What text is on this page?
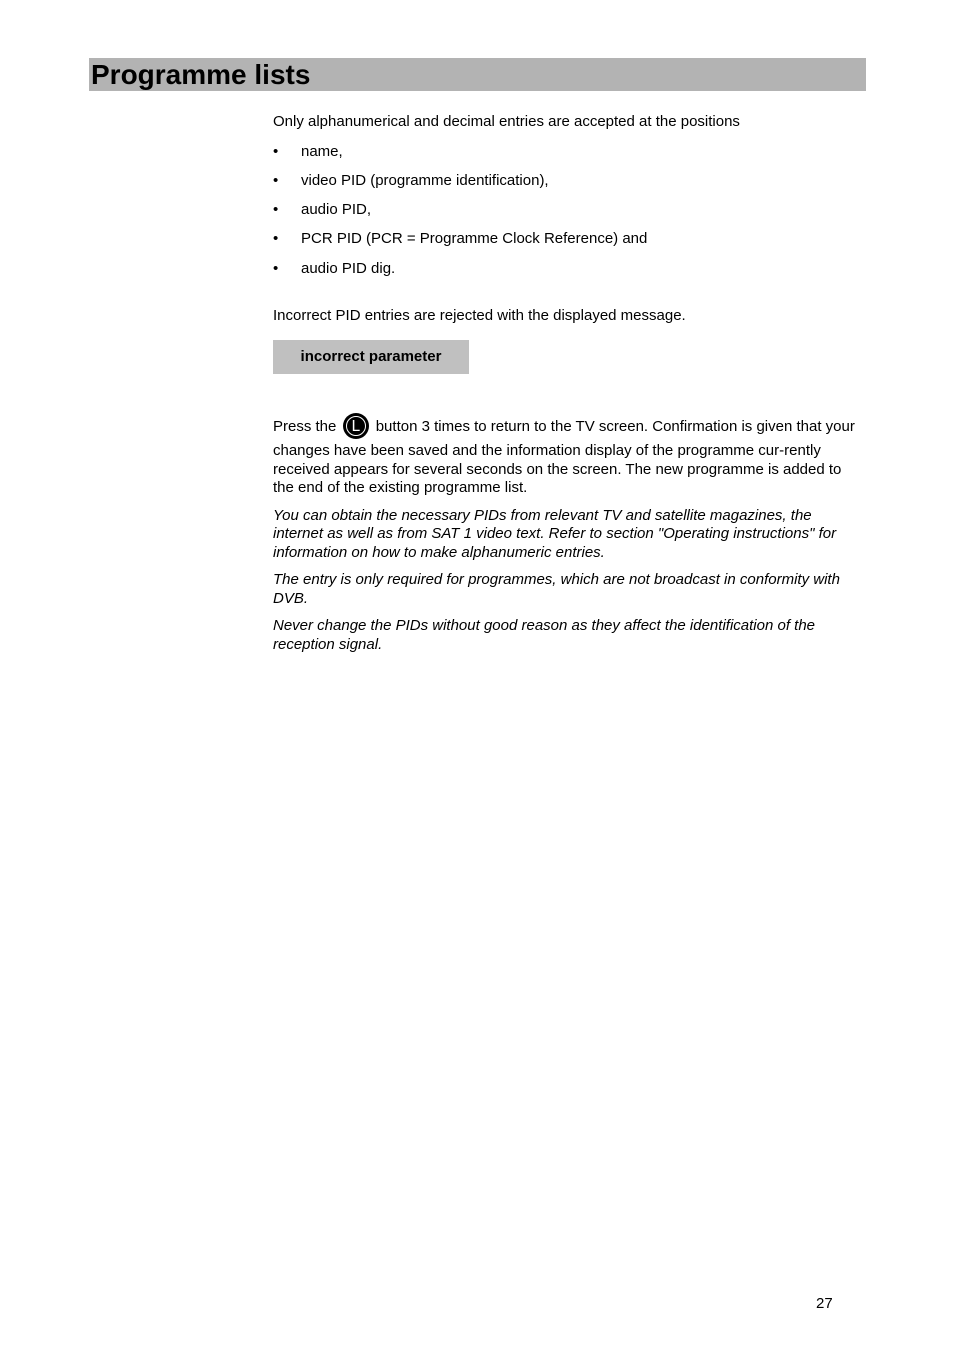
Programme lists

Only alphanumerical and decimal entries are accepted at the positions

• name,
• video PID (programme identification),
• audio PID,
• PCR PID (PCR = Programme Clock Reference) and
• audio PID dig.

Incorrect PID entries are rejected with the displayed message.

incorrect parameter

Press the L button 3 times to return to the TV screen. Confirmation is given that your changes have been saved and the information display of the programme cur-rently received appears for several seconds on the screen. The new programme is added to the end of the existing programme list.

You can obtain the necessary PIDs from relevant TV and satellite magazines, the internet as well as from SAT 1 video text. Refer to section "Operating instructions" for information on how to make alphanumeric entries.

The entry is only required for programmes, which are not broadcast in conformity with DVB.

Never change the PIDs without good reason as they affect the identification of the reception signal.

27
